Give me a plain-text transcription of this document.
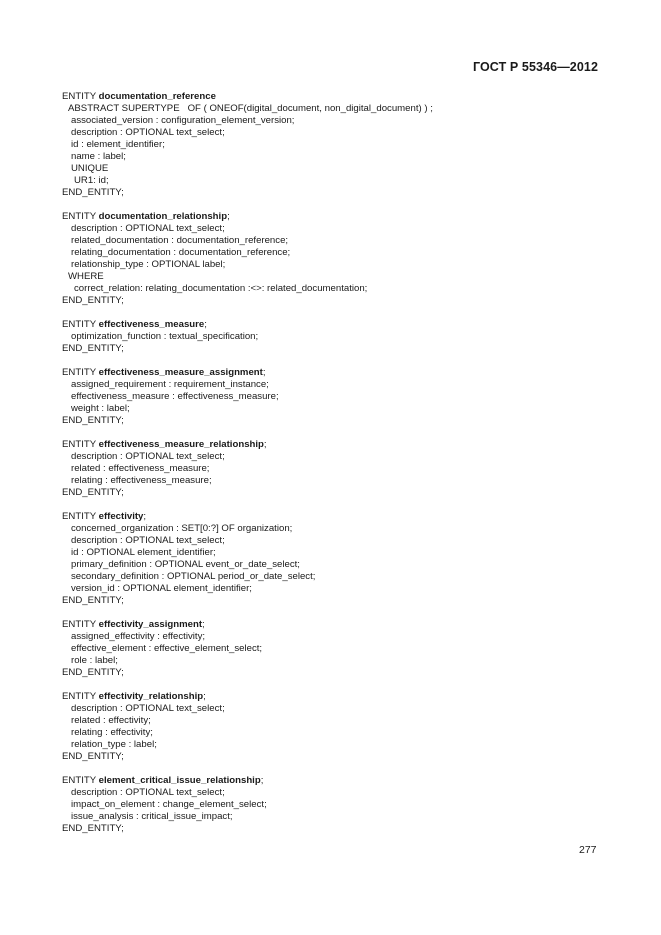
ГОСТ Р 55346—2012
ENTITY documentation_reference
ABSTRACT SUPERTYPE   OF ( ONEOF(digital_document, non_digital_document) ) ;
associated_version : configuration_element_version;
description : OPTIONAL text_select;
id : element_identifier;
name : label;
UNIQUE
UR1: id;
END_ENTITY;
ENTITY documentation_relationship;
description : OPTIONAL text_select;
related_documentation : documentation_reference;
relating_documentation : documentation_reference;
relationship_type : OPTIONAL label;
WHERE
correct_relation: relating_documentation :<>: related_documentation;
END_ENTITY;
ENTITY effectiveness_measure;
optimization_function : textual_specification;
END_ENTITY;
ENTITY effectiveness_measure_assignment;
assigned_requirement : requirement_instance;
effectiveness_measure : effectiveness_measure;
weight : label;
END_ENTITY;
ENTITY effectiveness_measure_relationship;
description : OPTIONAL text_select;
related : effectiveness_measure;
relating : effectiveness_measure;
END_ENTITY;
ENTITY effectivity;
concerned_organization : SET[0:?] OF organization;
description : OPTIONAL text_select;
id : OPTIONAL element_identifier;
primary_definition : OPTIONAL event_or_date_select;
secondary_definition : OPTIONAL period_or_date_select;
version_id : OPTIONAL element_identifier;
END_ENTITY;
ENTITY effectivity_assignment;
assigned_effectivity : effectivity;
effective_element : effective_element_select;
role : label;
END_ENTITY;
ENTITY effectivity_relationship;
description : OPTIONAL text_select;
related : effectivity;
relating : effectivity;
relation_type : label;
END_ENTITY;
ENTITY element_critical_issue_relationship;
description : OPTIONAL text_select;
impact_on_element : change_element_select;
issue_analysis : critical_issue_impact;
END_ENTITY;
277
